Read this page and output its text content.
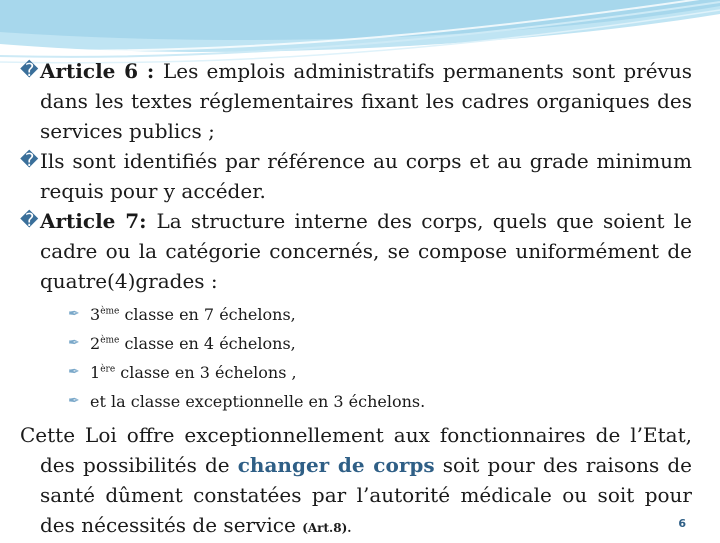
� Article 6 : Les emplois administratifs permanents sont prévus dans les textes réglementaires fixant les cadres organiques des services publics ;
� Ils sont identifiés par référence au corps et au grade minimum requis pour y accéder.
� Article 7: La structure interne des corps, quels que soient le cadre ou la catégorie concernés, se compose uniformément de quatre(4)grades :
✒ 3ème classe en 7 échelons,
✒ 2ème classe en 4 échelons,
✒ 1ère classe en 3 échelons ,
✒ et la classe exceptionnelle en 3 échelons.
Cette Loi offre exceptionnellement aux fonctionnaires de l’Etat, des possibilités de changer de corps soit pour des raisons de santé dûment constatées par l’autorité médicale ou soit pour des nécessités de service (Art.8).	6
